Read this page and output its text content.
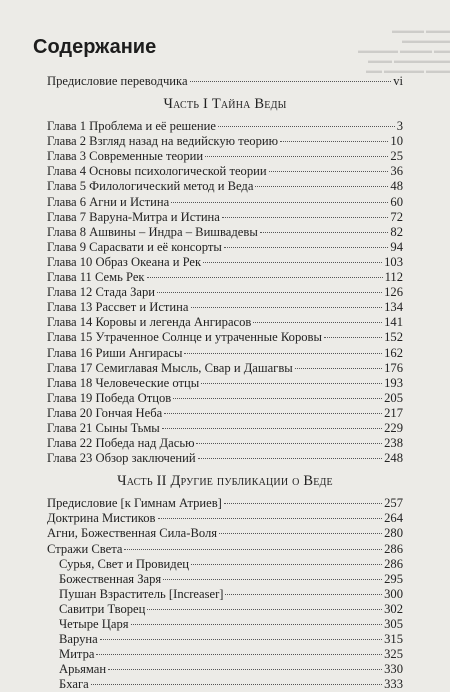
▬▬▬▬ ▬▬▬ ▬▬▬▬▬▬
▬▬▬▬▬ ▬▬▬▬ ▬▬
▬▬▬ ▬▬▬▬▬▬▬
▬▬ ▬▬▬▬▬ ▬▬▬
Содержание
Предисловие переводчика	vi
Часть I Тайна Веды
Глава 1 Проблема и её решение	3
Глава 2 Взгляд назад на ведийскую теорию	10
Глава 3 Современные теории	25
Глава 4 Основы психологической теории	36
Глава 5 Филологический метод и Веда	48
Глава 6 Агни и Истина	60
Глава 7 Варуна-Митра и Истина	72
Глава 8 Ашвины – Индра – Вишвадевы	82
Глава 9 Сарасвати и её консорты	94
Глава 10 Образ Океана и Рек	103
Глава 11 Семь Рек	112
Глава 12 Стада Зари	126
Глава 13 Рассвет и Истина	134
Глава 14 Коровы и легенда Ангирасов	141
Глава 15 Утраченное Солнце и утраченные Коровы	152
Глава 16 Риши Ангирасы	162
Глава 17 Семиглавая Мысль, Свар и Дашагвы	176
Глава 18 Человеческие отцы	193
Глава 19 Победа Отцов	205
Глава 20 Гончая Неба	217
Глава 21 Сыны Тьмы	229
Глава 22 Победа над Дасью	238
Глава 23 Обзор заключений	248
Часть II Другие публикации о Веде
Предисловие [к Гимнам Атриев]	257
Доктрина Мистиков	264
Агни, Божественная Сила-Воля	280
Стражи Света	286
Сурья, Свет и Провидец	286
Божественная Заря	295
Пушан Взраститель [Increaser]	300
Савитри Творец	302
Четыре Царя	305
Варуна	315
Митра	325
Арьяман	330
Бхага	333
